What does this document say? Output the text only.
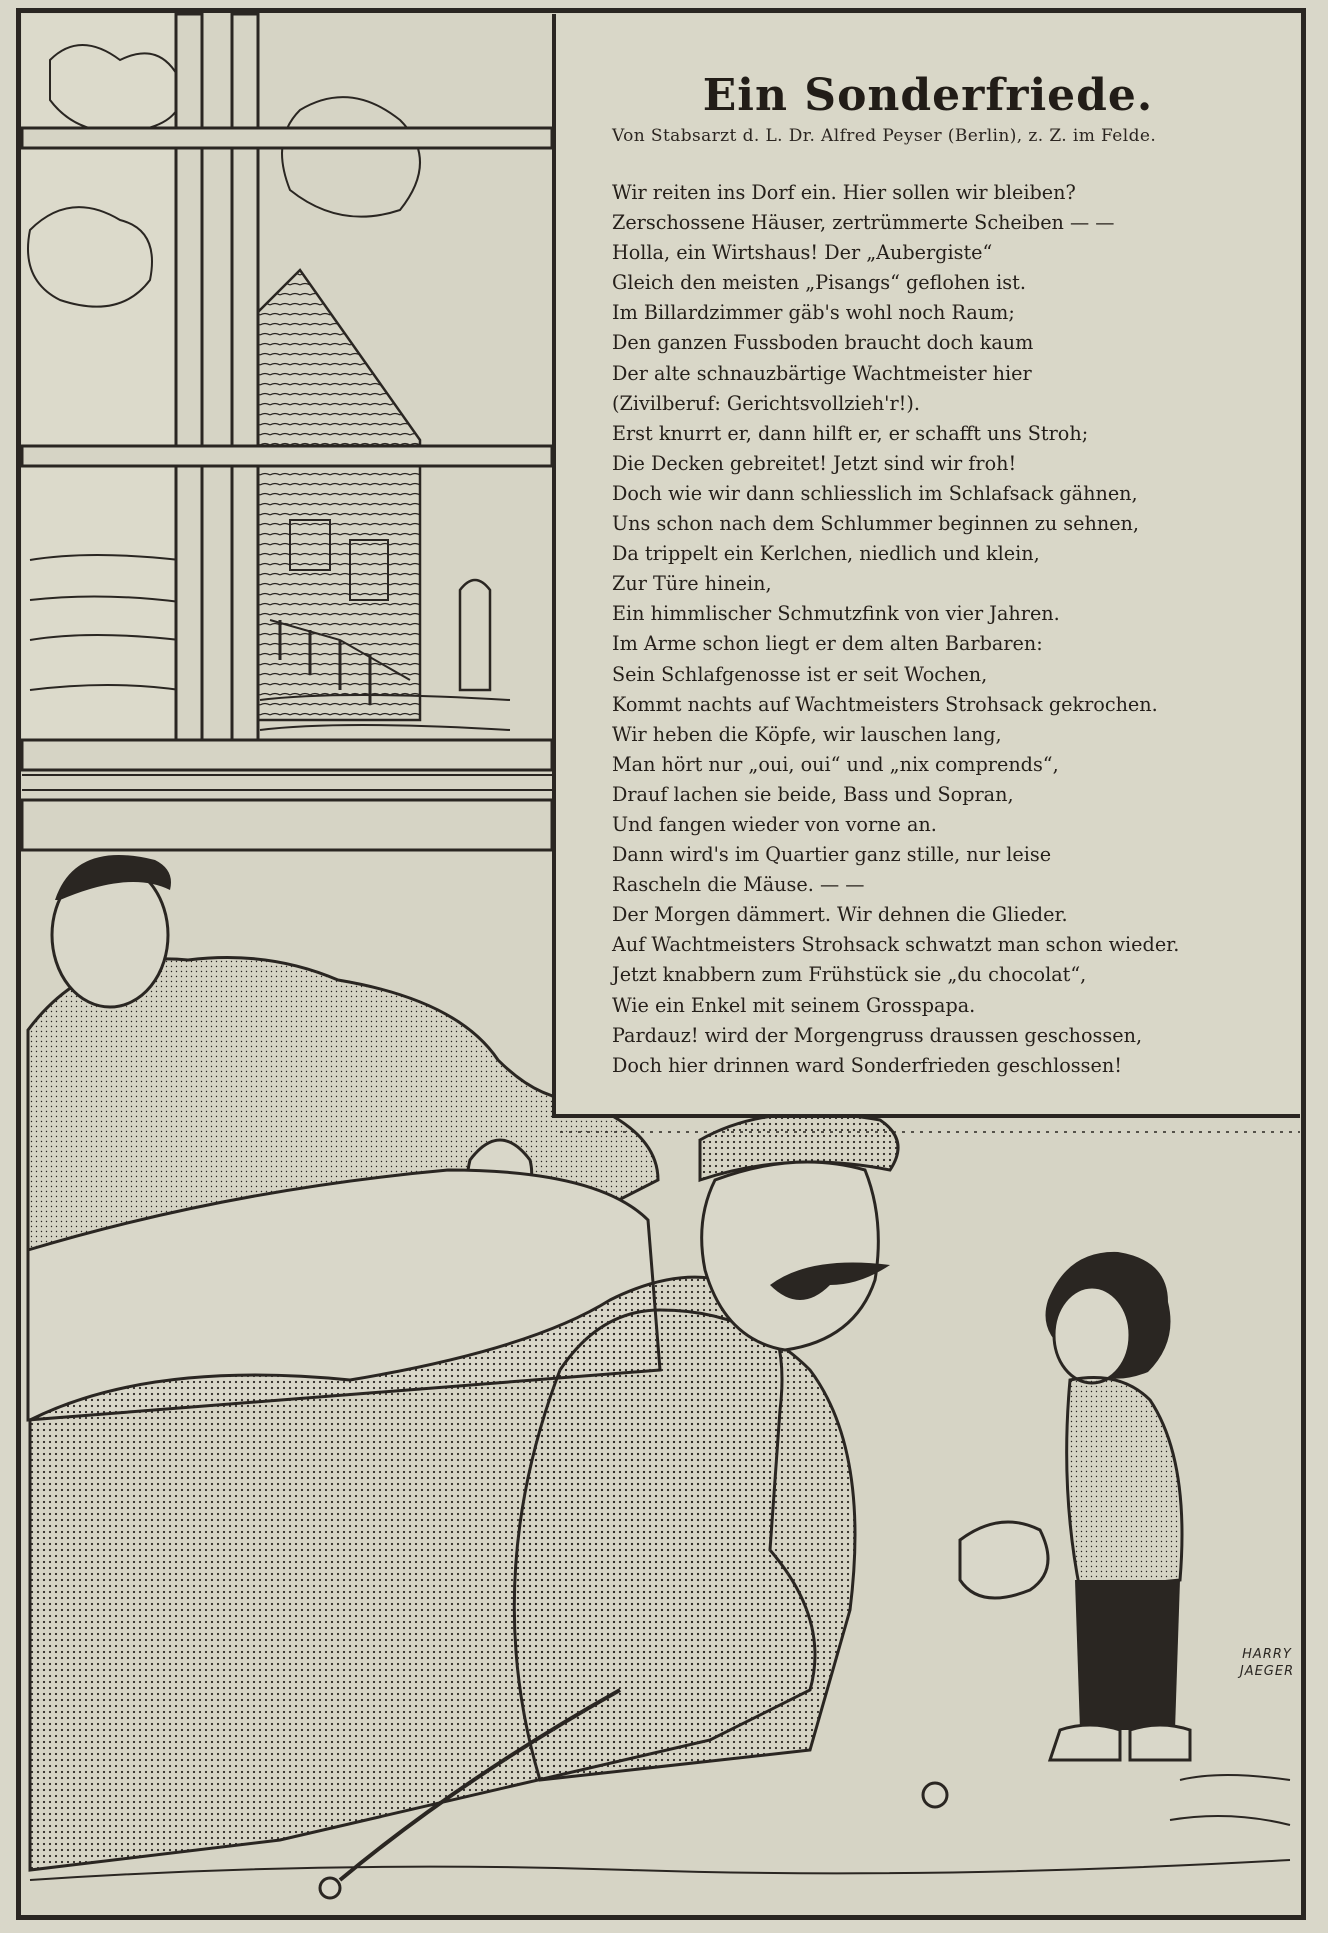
Ein Sonderfriede.
Von Stabsarzt d. L. Dr. Alfred Peyser (Berlin), z. Z. im Felde.
Wir reiten ins Dorf ein. Hier sollen wir bleiben?
Zerschossene Häuser, zertrümmerte Scheiben — —
Holla, ein Wirtshaus! Der „Aubergiste“
Gleich den meisten „Pisangs“ geflohen ist.
Im Billardzimmer gäb's wohl noch Raum;
Den ganzen Fussboden braucht doch kaum
Der alte schnauzbärtige Wachtmeister hier
(Zivilberuf: Gerichtsvollzieh'r!).
Erst knurrt er, dann hilft er, er schafft uns Stroh;
Die Decken gebreitet! Jetzt sind wir froh!
Doch wie wir dann schliesslich im Schlafsack gähnen,
Uns schon nach dem Schlummer beginnen zu sehnen,
Da trippelt ein Kerlchen, niedlich und klein,
Zur Türe hinein,
Ein himmlischer Schmutzfink von vier Jahren.
Im Arme schon liegt er dem alten Barbaren:
Sein Schlafgenosse ist er seit Wochen,
Kommt nachts auf Wachtmeisters Strohsack gekrochen.
Wir heben die Köpfe, wir lauschen lang,
Man hört nur „oui, oui“ und „nix comprends“,
Drauf lachen sie beide, Bass und Sopran,
Und fangen wieder von vorne an.
Dann wird's im Quartier ganz stille, nur leise
Rascheln die Mäuse. — —
Der Morgen dämmert. Wir dehnen die Glieder.
Auf Wachtmeisters Strohsack schwatzt man schon wieder.
Jetzt knabbern zum Frühstück sie „du chocolat“,
Wie ein Enkel mit seinem Grosspapa.
Pardauz! wird der Morgengruss draussen geschossen,
Doch hier drinnen ward Sonderfrieden geschlossen!
HARRY
JAEGER
